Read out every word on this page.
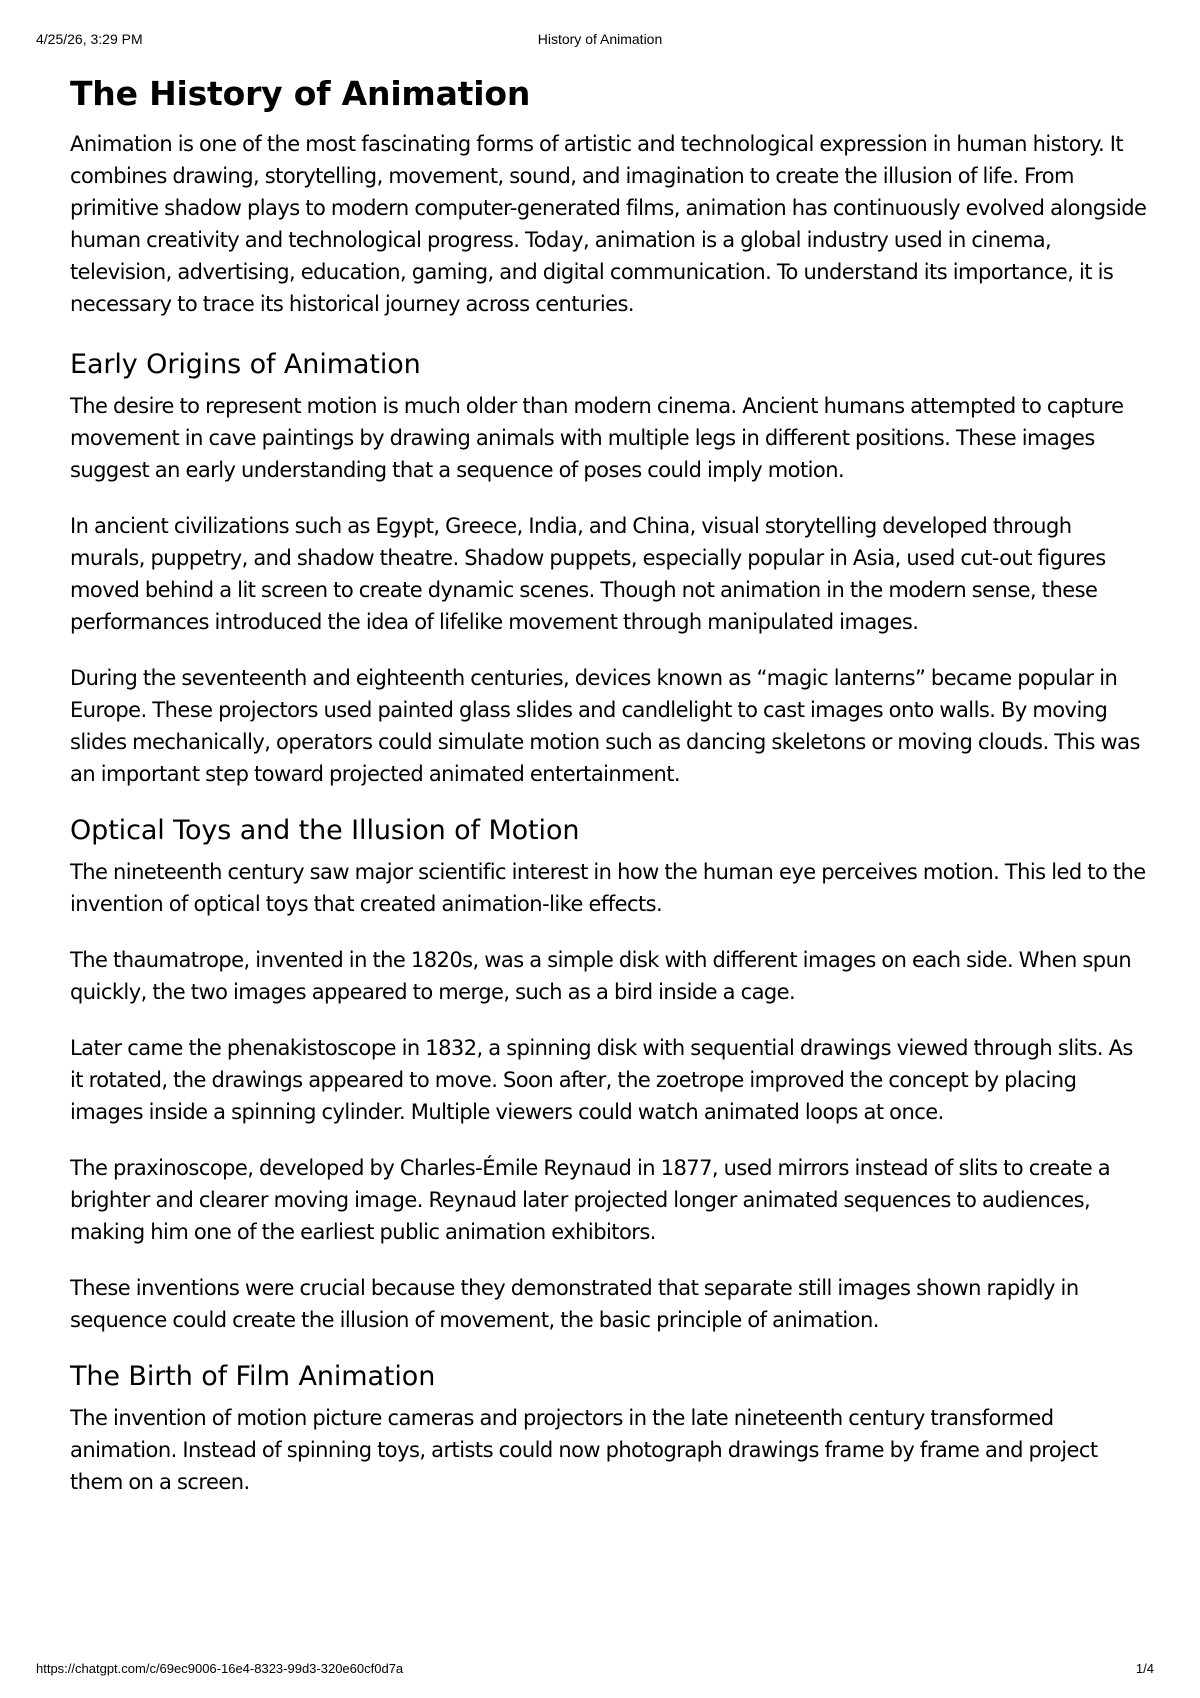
4/25/26, 3:29 PM	History of Animation
The History of Animation

Animation is one of the most fascinating forms of artistic and technological expression in human history. It combines drawing, storytelling, movement, sound, and imagination to create the illusion of life. From primitive shadow plays to modern computer-generated films, animation has continuously evolved alongside human creativity and technological progress. Today, animation is a global industry used in cinema, television, advertising, education, gaming, and digital communication. To understand its importance, it is necessary to trace its historical journey across centuries.

Early Origins of Animation

The desire to represent motion is much older than modern cinema. Ancient humans attempted to capture movement in cave paintings by drawing animals with multiple legs in different positions. These images suggest an early understanding that a sequence of poses could imply motion.

In ancient civilizations such as Egypt, Greece, India, and China, visual storytelling developed through murals, puppetry, and shadow theatre. Shadow puppets, especially popular in Asia, used cut-out figures moved behind a lit screen to create dynamic scenes. Though not animation in the modern sense, these performances introduced the idea of lifelike movement through manipulated images.

During the seventeenth and eighteenth centuries, devices known as “magic lanterns” became popular in Europe. These projectors used painted glass slides and candlelight to cast images onto walls. By moving slides mechanically, operators could simulate motion such as dancing skeletons or moving clouds. This was an important step toward projected animated entertainment.

Optical Toys and the Illusion of Motion

The nineteenth century saw major scientific interest in how the human eye perceives motion. This led to the invention of optical toys that created animation-like effects.

The thaumatrope, invented in the 1820s, was a simple disk with different images on each side. When spun quickly, the two images appeared to merge, such as a bird inside a cage.

Later came the phenakistoscope in 1832, a spinning disk with sequential drawings viewed through slits. As it rotated, the drawings appeared to move. Soon after, the zoetrope improved the concept by placing images inside a spinning cylinder. Multiple viewers could watch animated loops at once.

The praxinoscope, developed by Charles-Émile Reynaud in 1877, used mirrors instead of slits to create a brighter and clearer moving image. Reynaud later projected longer animated sequences to audiences, making him one of the earliest public animation exhibitors.

These inventions were crucial because they demonstrated that separate still images shown rapidly in sequence could create the illusion of movement, the basic principle of animation.

The Birth of Film Animation

The invention of motion picture cameras and projectors in the late nineteenth century transformed animation. Instead of spinning toys, artists could now photograph drawings frame by frame and project them on a screen.

https://chatgpt.com/c/69ec9006-16e4-8323-99d3-320e60cf0d7a	1/4
